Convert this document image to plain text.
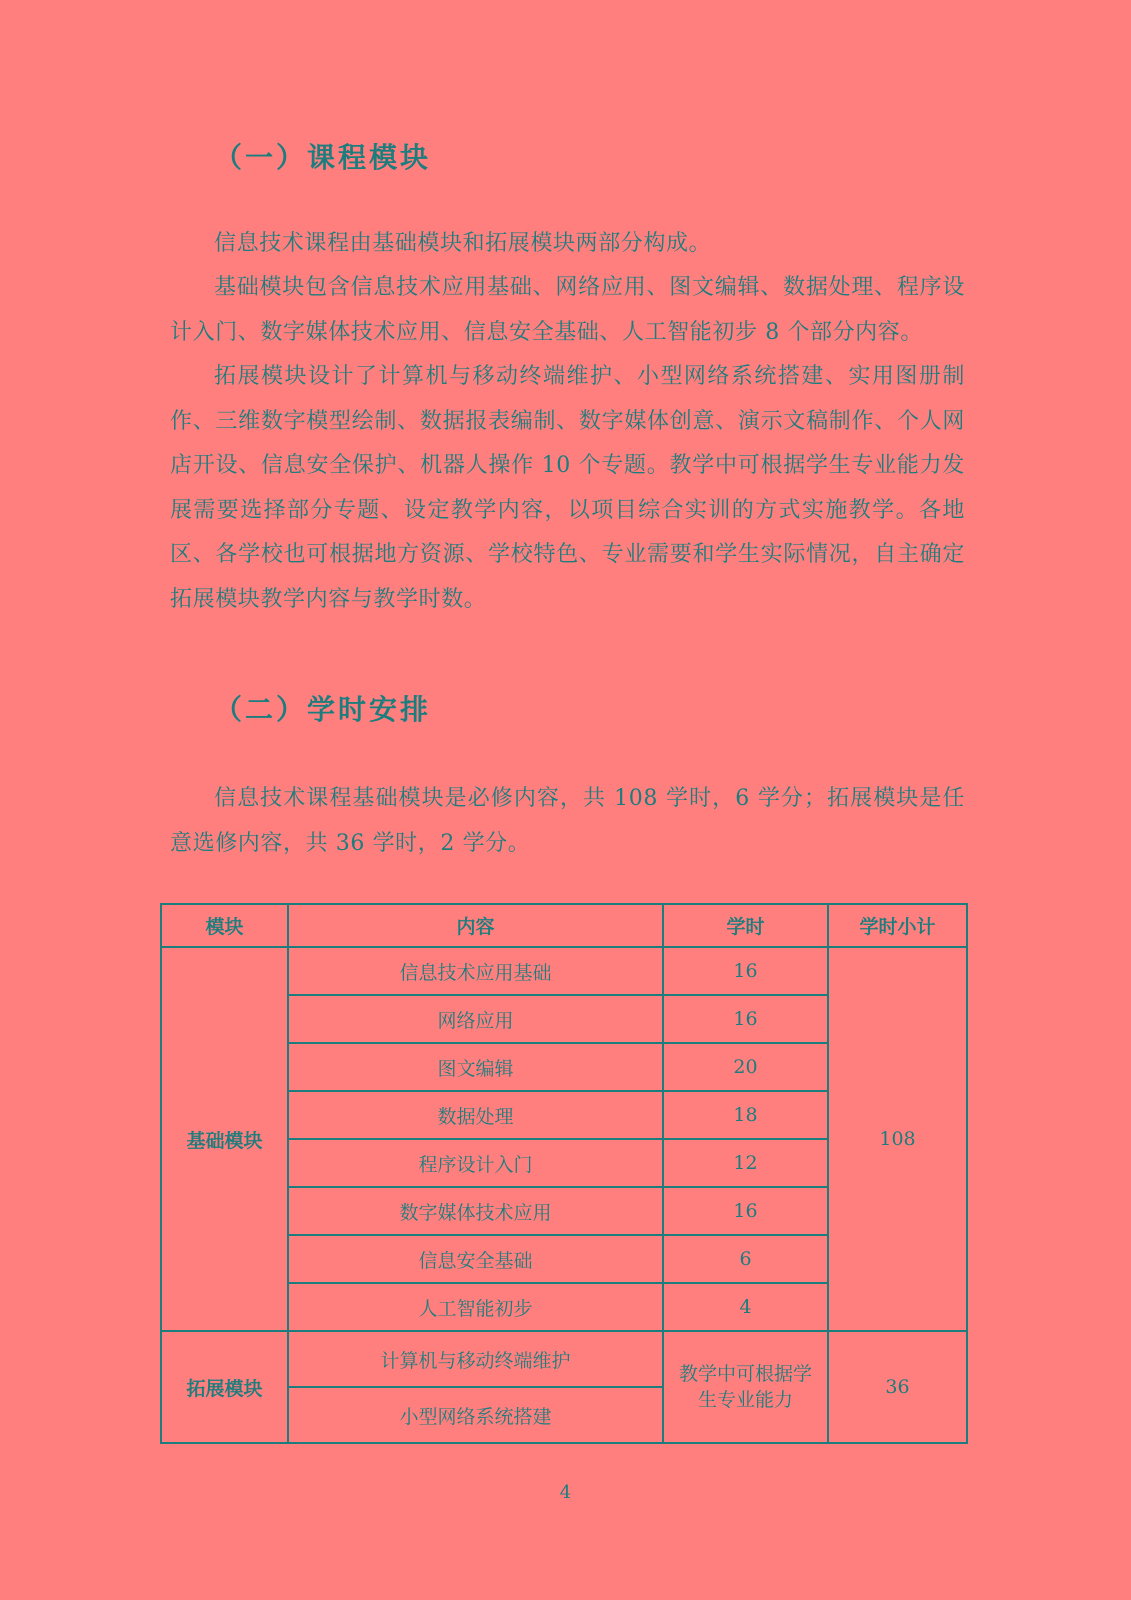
（一）课程模块

信息技术课程由基础模块和拓展模块两部分构成。

基础模块包含信息技术应用基础、网络应用、图文编辑、数据处理、程序设计入门、数字媒体技术应用、信息安全基础、人工智能初步 8 个部分内容。

拓展模块设计了计算机与移动终端维护、小型网络系统搭建、实用图册制作、三维数字模型绘制、数据报表编制、数字媒体创意、演示文稿制作、个人网店开设、信息安全保护、机器人操作 10 个专题。教学中可根据学生专业能力发展需要选择部分专题、设定教学内容，以项目综合实训的方式实施教学。各地区、各学校也可根据地方资源、学校特色、专业需要和学生实际情况，自主确定拓展模块教学内容与教学时数。

（二）学时安排

信息技术课程基础模块是必修内容，共 108 学时，6 学分；拓展模块是任意选修内容，共 36 学时，2 学分。

模块	内容	学时	学时小计
基础模块	信息技术应用基础	16	108
	网络应用	16	
	图文编辑	20	
	数据处理	18	
	程序设计入门	12	
	数字媒体技术应用	16	
	信息安全基础	6	
	人工智能初步	4	
拓展模块	计算机与移动终端维护	教学中可根据学生专业能力	36
	小型网络系统搭建		

4
